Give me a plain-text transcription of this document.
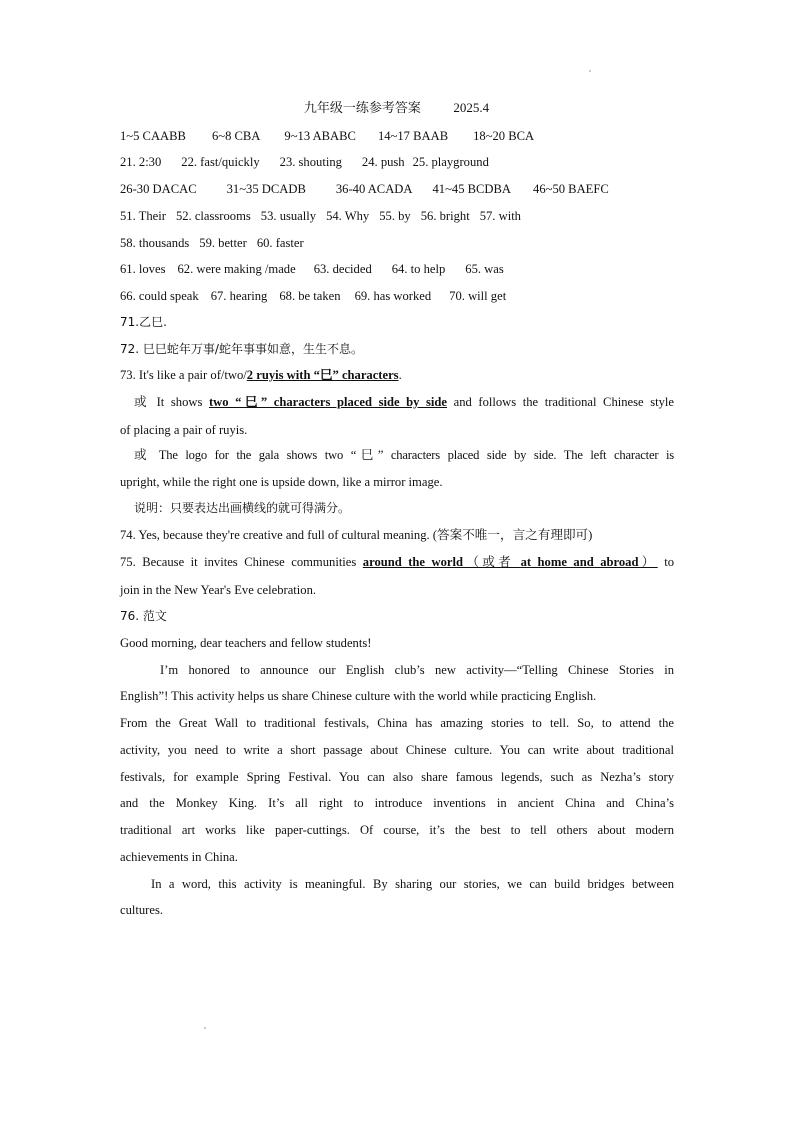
九年级一练参考答案	2025.4
1~5 CAABB 6~8 CBA 9~13 ABABC 14~17 BAAB 18~20 BCA
21. 2:30 22. fast/quickly 23. shouting 24. push 25. playground
26-30 DACAC 31~35 DCADB 36-40 ACADA 41~45 BCDBA 46~50 BAEFC
51. Their 52. classrooms 53. usually 54. Why 55. by 56. bright 57. with
58. thousands 59. better 60. faster
61. loves 62. were making /made 63. decided 64. to help 65. was
66. could speak 67. hearing 68. be taken 69. has worked 70. will get
71.乙巳.
72. 巳巳蛇年万事/蛇年事事如意，生生不息。
73. It's like a pair of/two/2 ruyis with “巳” characters.
或 It shows two “巳” characters placed side by side and follows the traditional Chinese style
of placing a pair of ruyis.
或 The logo for the gala shows two “巳” characters placed side by side. The left character is
upright, while the right one is upside down, like a mirror image.
说明：只要表达出画横线的就可得满分。
74. Yes, because they're creative and full of cultural meaning. (答案不唯一，言之有理即可)
75. Because it invites Chinese communities around the world（或者 at home and abroad） to
join in the New Year's Eve celebration.
76. 范文
Good morning, dear teachers and fellow students!
I’m honored to announce our English club’s new activity—“Telling Chinese Stories in
English”! This activity helps us share Chinese culture with the world while practicing English.
From the Great Wall to traditional festivals, China has amazing stories to tell. So, to attend the
activity, you need to write a short passage about Chinese culture. You can write about traditional
festivals, for example Spring Festival. You can also share famous legends, such as Nezha’s story
and the Monkey King. It’s all right to introduce inventions in ancient China and China’s
traditional art works like paper-cuttings. Of course, it’s the best to tell others about modern
achievements in China.
In a word, this activity is meaningful. By sharing our stories, we can build bridges between
cultures.
